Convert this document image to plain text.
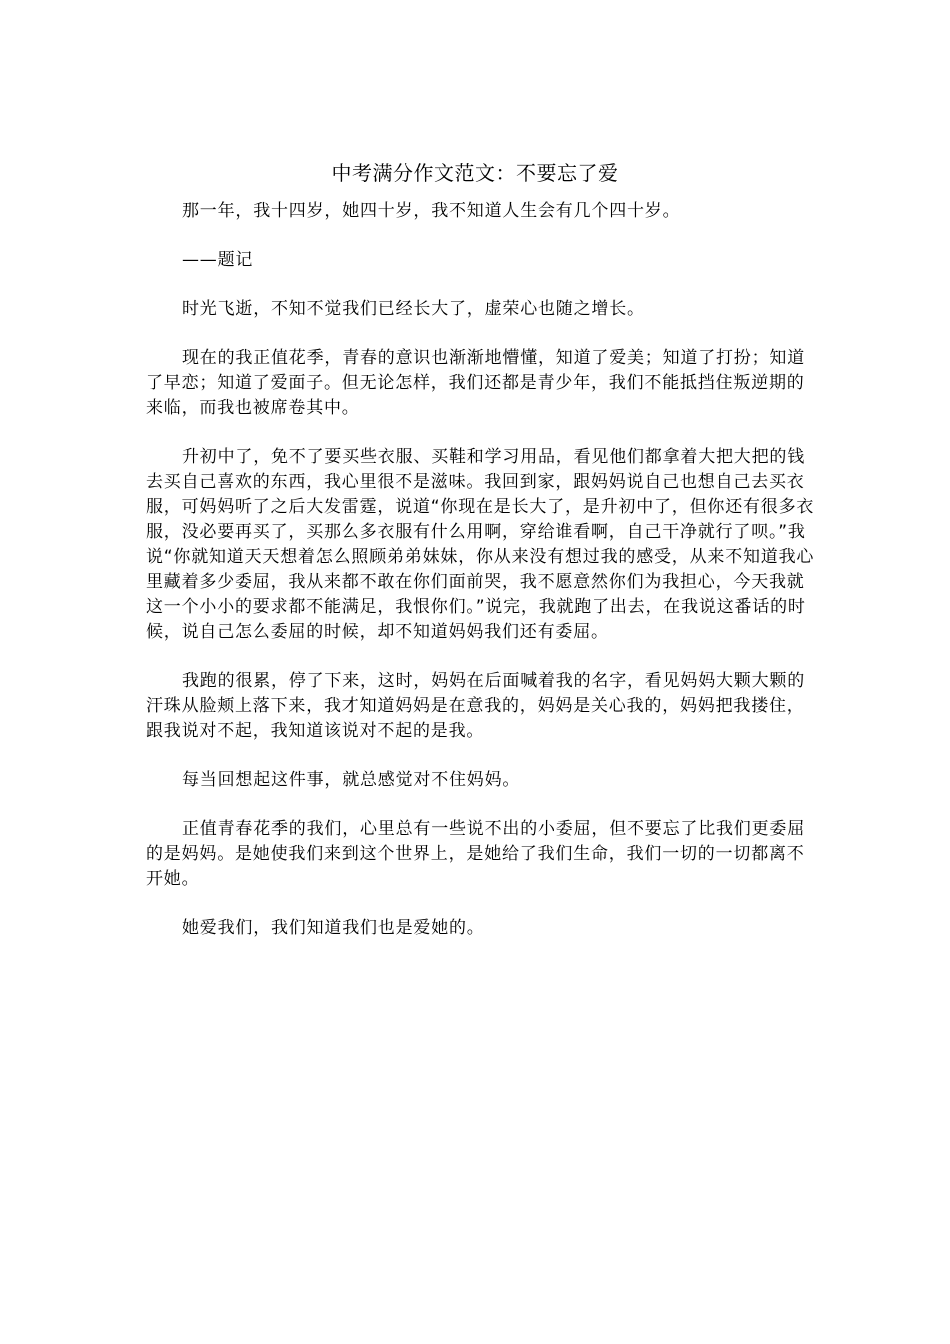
中考满分作文范文：不要忘了爱

那一年，我十四岁，她四十岁，我不知道人生会有几个四十岁。

——题记

时光飞逝，不知不觉我们已经长大了，虚荣心也随之增长。

现在的我正值花季，青春的意识也渐渐地懵懂，知道了爱美；知道了打扮；知道了早恋；知道了爱面子。但无论怎样，我们还都是青少年，我们不能抵挡住叛逆期的来临，而我也被席卷其中。

升初中了，免不了要买些衣服、买鞋和学习用品，看见他们都拿着大把大把的钱去买自己喜欢的东西，我心里很不是滋味。我回到家，跟妈妈说自己也想自己去买衣服，可妈妈听了之后大发雷霆，说道“你现在是长大了，是升初中了，但你还有很多衣服，没必要再买了，买那么多衣服有什么用啊，穿给谁看啊，自己干净就行了呗。”我说“你就知道天天想着怎么照顾弟弟妹妹，你从来没有想过我的感受，从来不知道我心里藏着多少委屈，我从来都不敢在你们面前哭，我不愿意然你们为我担心，今天我就这一个小小的要求都不能满足，我恨你们。”说完，我就跑了出去，在我说这番话的时候，说自己怎么委屈的时候，却不知道妈妈我们还有委屈。

我跑的很累，停了下来，这时，妈妈在后面喊着我的名字，看见妈妈大颗大颗的汗珠从脸颊上落下来，我才知道妈妈是在意我的，妈妈是关心我的，妈妈把我搂住，跟我说对不起，我知道该说对不起的是我。

每当回想起这件事，就总感觉对不住妈妈。

正值青春花季的我们，心里总有一些说不出的小委屈，但不要忘了比我们更委屈的是妈妈。是她使我们来到这个世界上，是她给了我们生命，我们一切的一切都离不开她。

她爱我们，我们知道我们也是爱她的。
